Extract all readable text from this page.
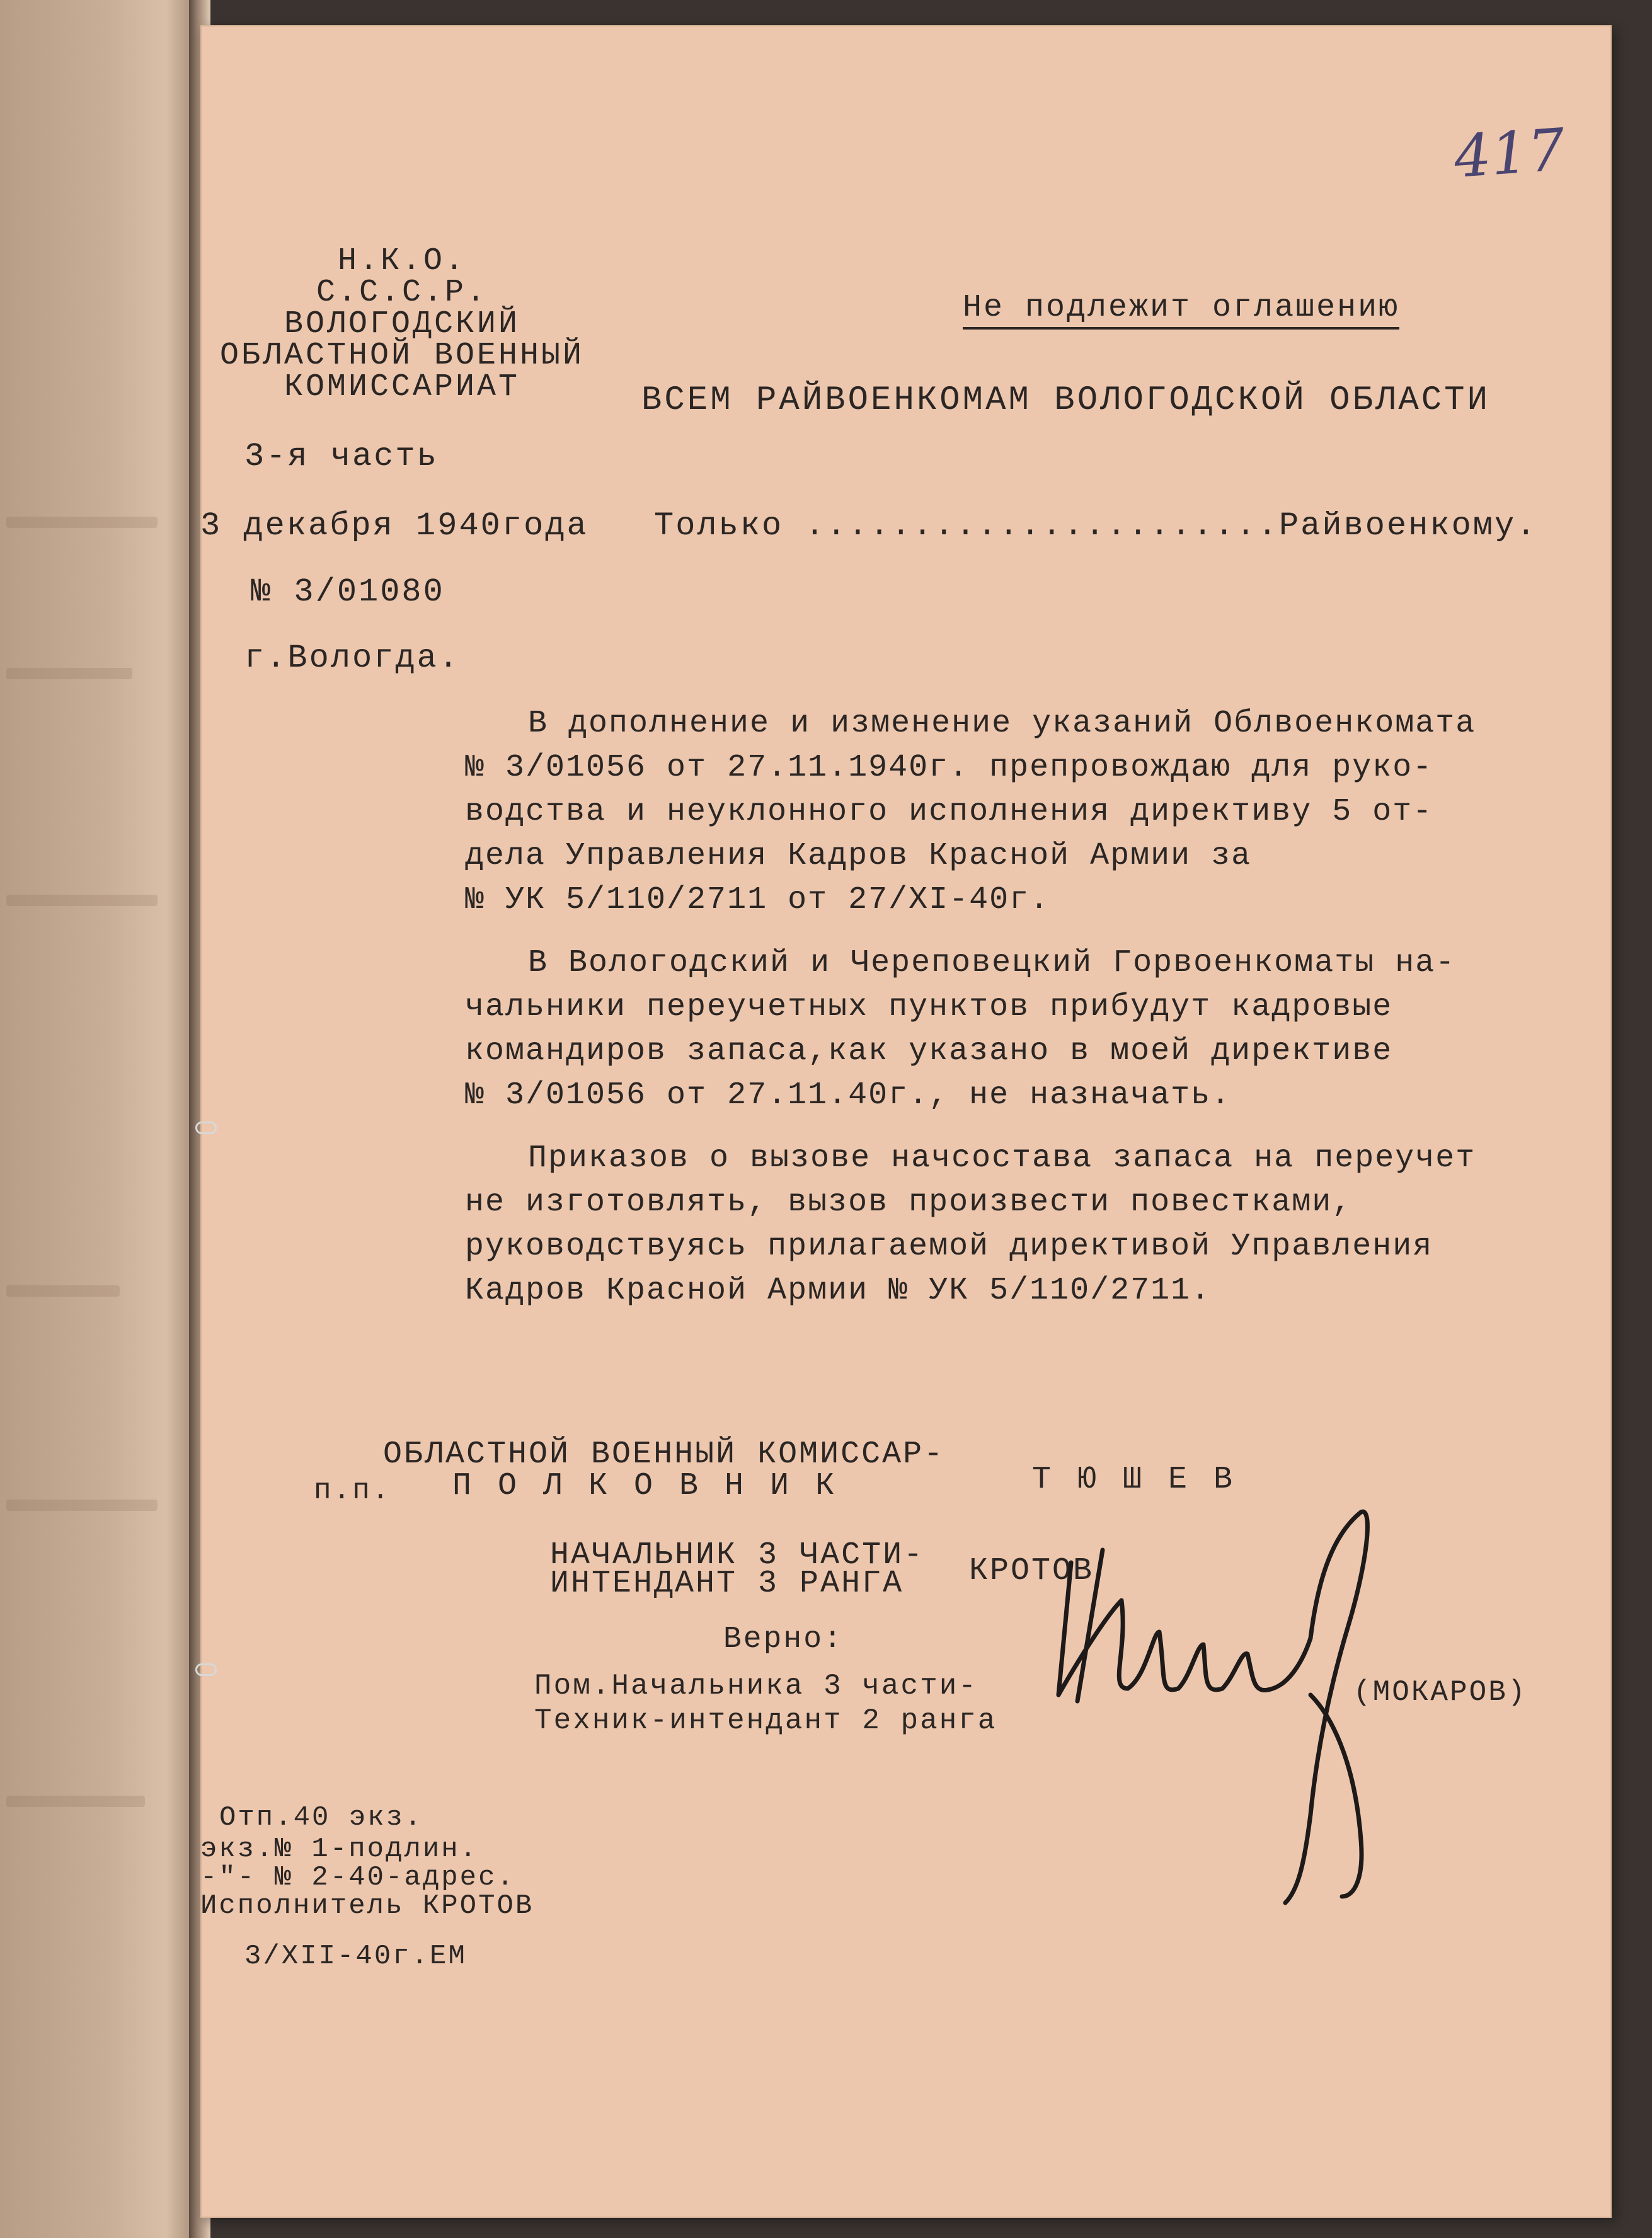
417
Н.К.О.
С.С.С.Р.
ВОЛОГОДСКИЙ
ОБЛАСТНОЙ ВОЕННЫЙ
КОМИССАРИАТ
3-я часть
3 декабря 1940года
№ 3/01080
г.Вологда.
Не подлежит оглашению
ВСЕМ РАЙВОЕНКОМАМ ВОЛОГОДСКОЙ ОБЛАСТИ
Только ......................Райвоенкому.
В дополнение и изменение указаний Облвоенкомата
№ 3/01056 от 27.11.1940г. препровождаю для руко-
водства и неуклонного исполнения директиву 5 от-
дела Управления Кадров Красной Армии за
№ УК 5/110/2711 от 27/XI-40г.
В Вологодский и Череповецкий Горвоенкоматы на-
чальники переучетных пунктов прибудут кадровые
командиров запаса,как указано в моей директиве
№ 3/01056 от 27.11.40г., не назначать.
Приказов о вызове начсостава запаса на переучет
не изготовлять, вызов произвести повестками,
руководствуясь прилагаемой директивой Управления
Кадров Красной Армии № УК 5/110/2711.
п.п.
ОБЛАСТНОЙ ВОЕННЫЙ КОМИССАР-
П О Л К О В Н И К	Т Ю Ш Е В
НАЧАЛЬНИК 3 ЧАСТИ-
ИНТЕНДАНТ 3 РАНГА КРОТОВ
Верно:
Пом.Начальника 3 части-
Техник-интендант 2 ранга
(МОКАРОВ)
Отп.40 экз.
экз.№ 1-подлин.
-"- № 2-40-адрес.
Исполнитель КРОТОВ
3/XII-40г.ЕМ
